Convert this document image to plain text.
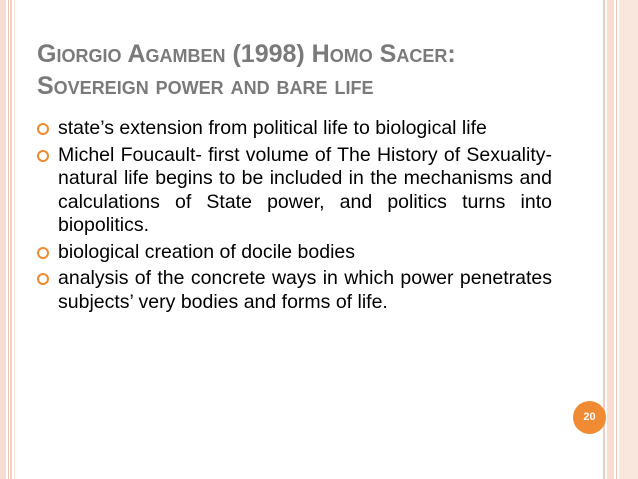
Giorgio Agamben (1998) Homo Sacer:
Sovereign power and bare life
state’s extension from political life to biological life
Michel Foucault- first volume of The History of Sexuality- natural life begins to be included in the mechanisms and calculations of State power, and politics turns into biopolitics.
biological creation of docile bodies
analysis of the concrete ways in which power penetrates subjects’ very bodies and forms of life.
20
